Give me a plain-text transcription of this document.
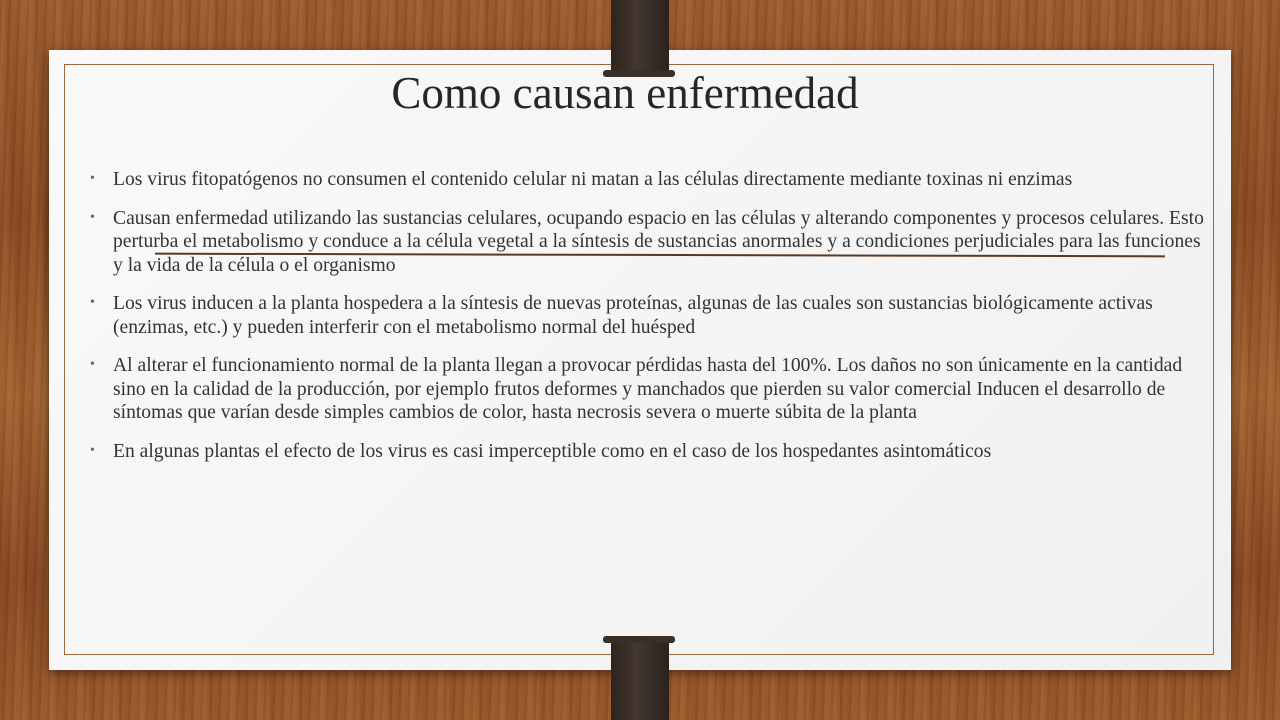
Como causan enfermedad
• Los virus fitopatógenos no consumen el contenido celular ni matan a las células directamente mediante toxinas ni enzimas
• Causan enfermedad utilizando las sustancias celulares, ocupando espacio en las células y alterando componentes y procesos celulares. Esto perturba el metabolismo y conduce a la célula vegetal a la síntesis de sustancias anormales y a condiciones perjudiciales para las funciones y la vida de la célula o el organismo
• Los virus inducen a la planta hospedera a la síntesis de nuevas proteínas, algunas de las cuales son sustancias biológicamente activas (enzimas, etc.) y pueden interferir con el metabolismo normal del huésped
• Al alterar el funcionamiento normal de la planta llegan a provocar pérdidas hasta del 100%. Los daños no son únicamente en la cantidad sino en la calidad de la producción, por ejemplo frutos deformes y manchados que pierden su valor comercial Inducen el desarrollo de síntomas que varían desde simples cambios de color, hasta necrosis severa o muerte súbita de la planta
• En algunas plantas el efecto de los virus es casi imperceptible como en el caso de los hospedantes asintomáticos
